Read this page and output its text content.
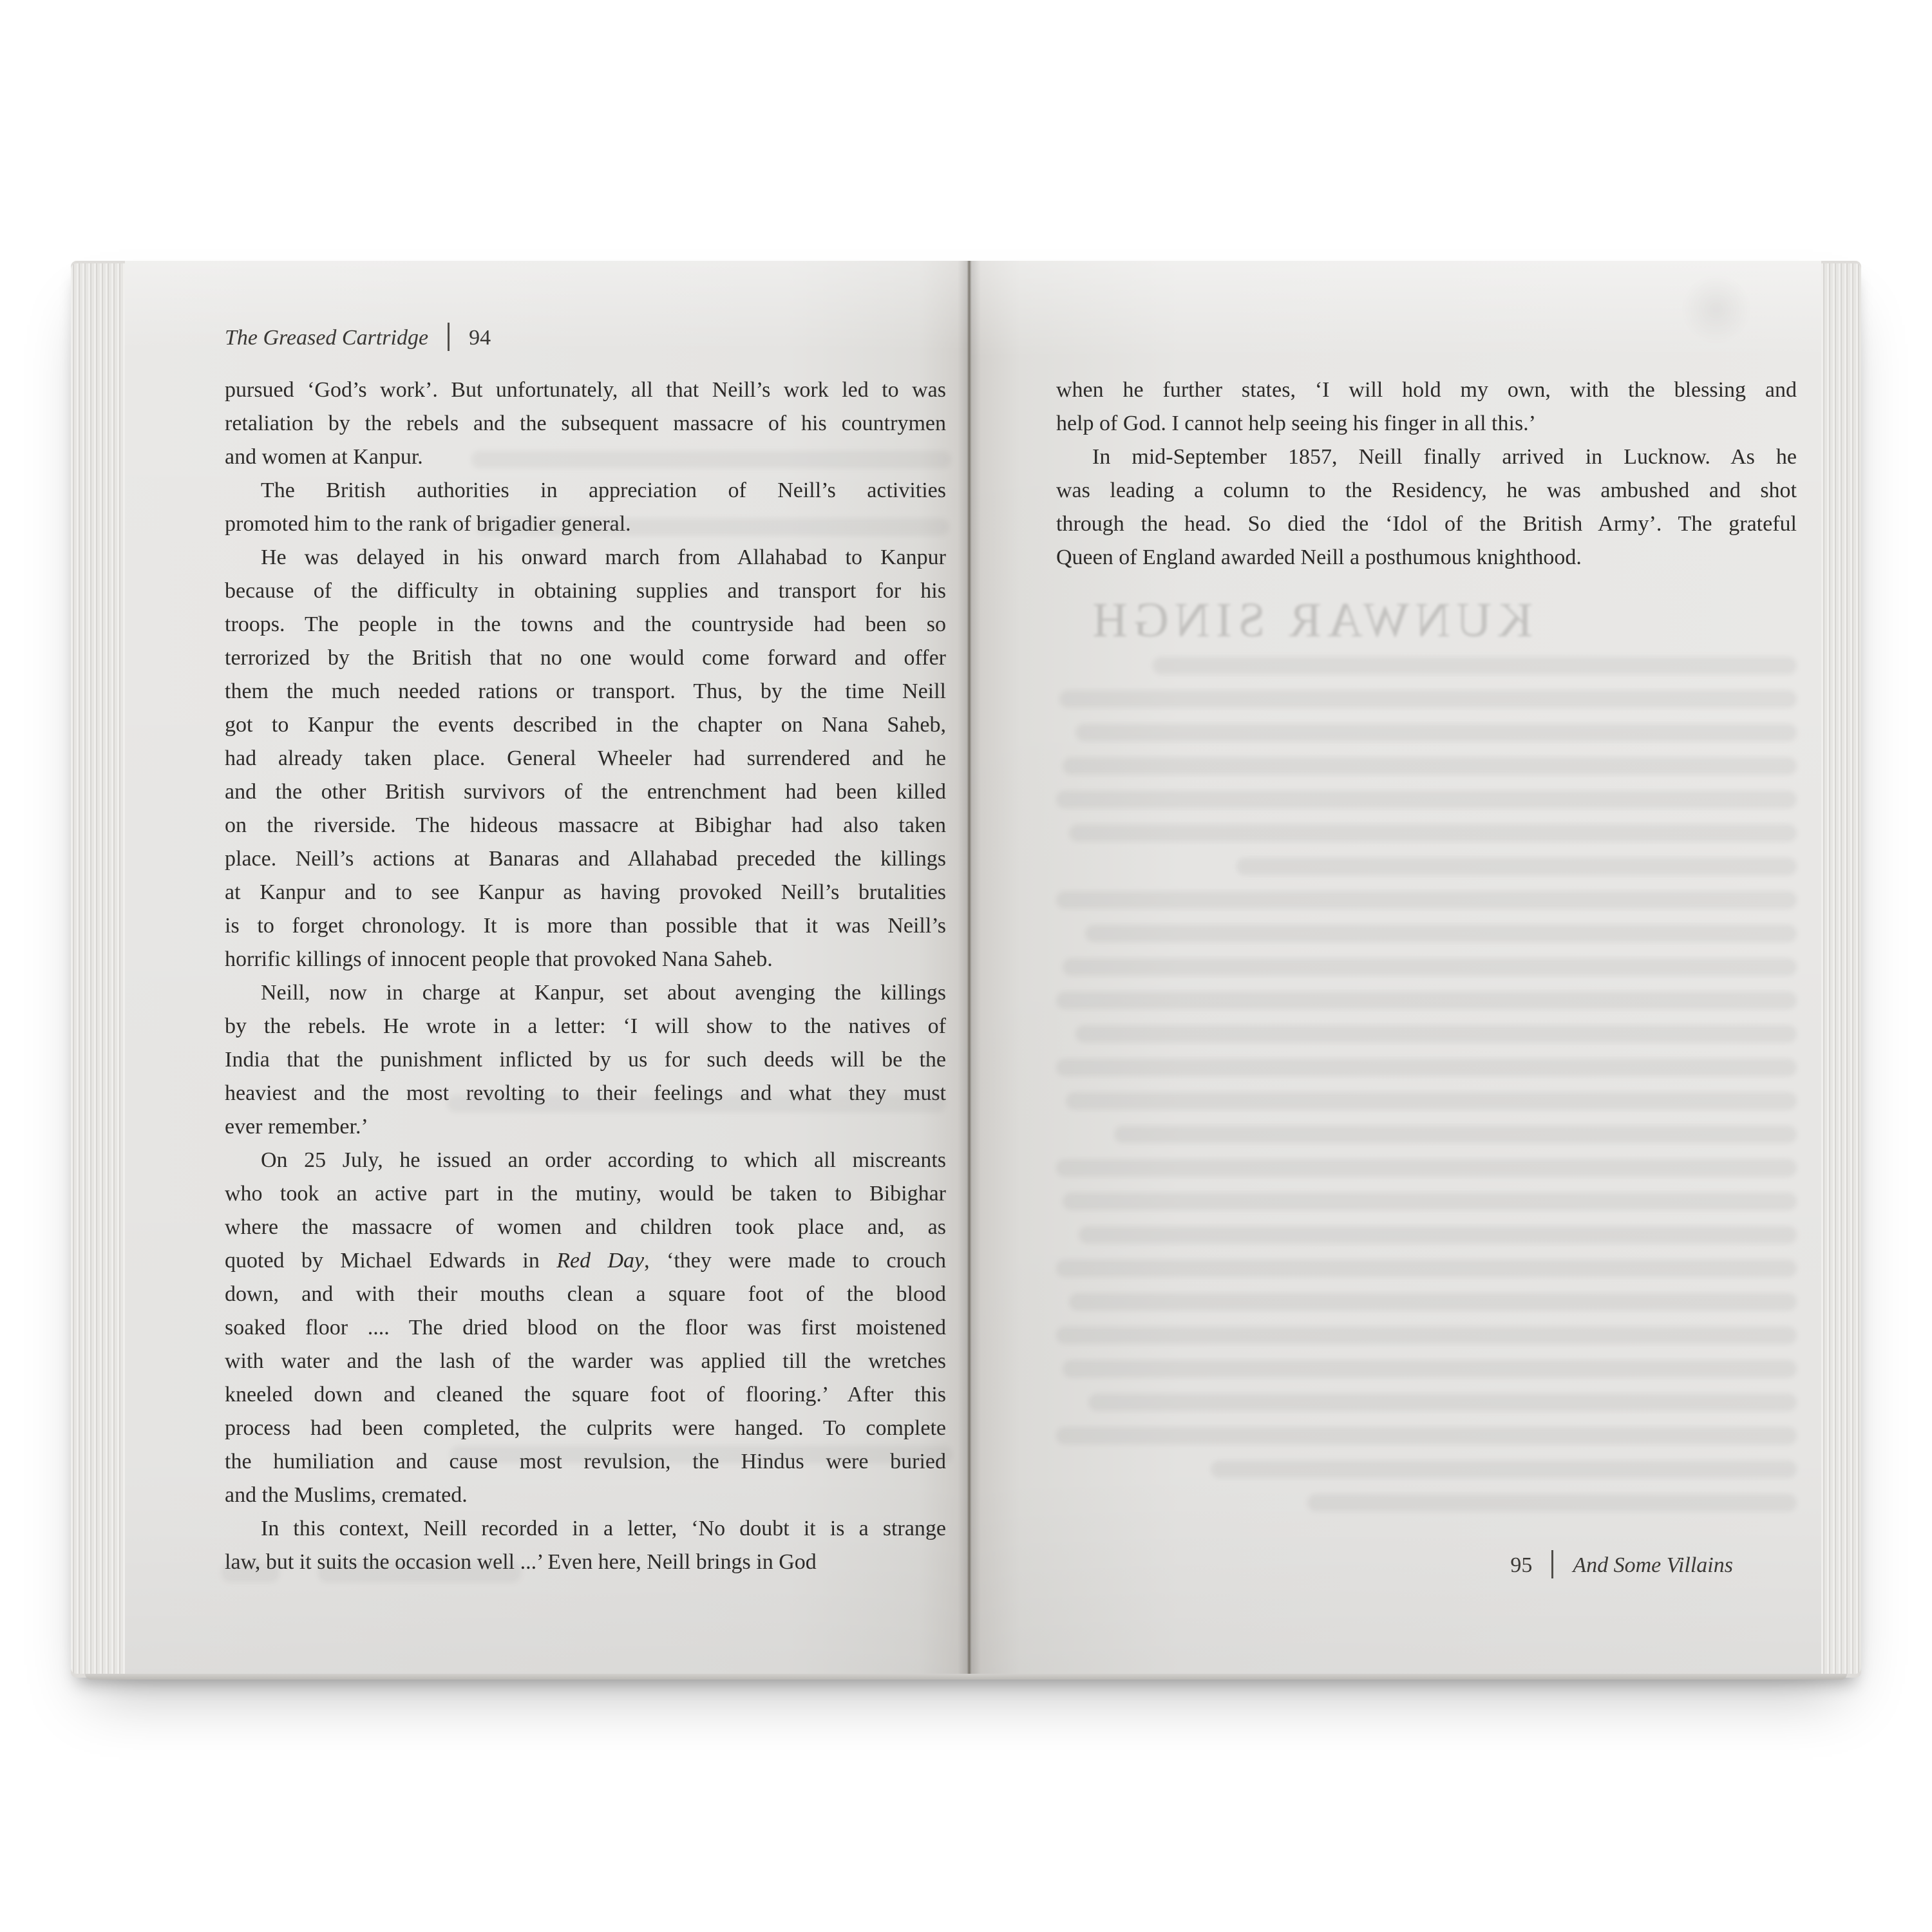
The Greased Cartridge 94
pursued ‘God’s work’. But unfortunately, all that Neill’s work led to was
retaliation by the rebels and the subsequent massacre of his countrymen
and women at Kanpur.
The British authorities in appreciation of Neill’s activities
promoted him to the rank of brigadier general.
He was delayed in his onward march from Allahabad to Kanpur
because of the difficulty in obtaining supplies and transport for his
troops. The people in the towns and the countryside had been so
terrorized by the British that no one would come forward and offer
them the much needed rations or transport. Thus, by the time Neill
got to Kanpur the events described in the chapter on Nana Saheb,
had already taken place. General Wheeler had surrendered and he
and the other British survivors of the entrenchment had been killed
on the riverside. The hideous massacre at Bibighar had also taken
place. Neill’s actions at Banaras and Allahabad preceded the killings
at Kanpur and to see Kanpur as having provoked Neill’s brutalities
is to forget chronology. It is more than possible that it was Neill’s
horrific killings of innocent people that provoked Nana Saheb.
Neill, now in charge at Kanpur, set about avenging the killings
by the rebels. He wrote in a letter: ‘I will show to the natives of
India that the punishment inflicted by us for such deeds will be the
heaviest and the most revolting to their feelings and what they must
ever remember.’
On 25 July, he issued an order according to which all miscreants
who took an active part in the mutiny, would be taken to Bibighar
where the massacre of women and children took place and, as
quoted by Michael Edwards in Red Day, ‘they were made to crouch
down, and with their mouths clean a square foot of the blood
soaked floor .... The dried blood on the floor was first moistened
with water and the lash of the warder was applied till the wretches
kneeled down and cleaned the square foot of flooring.’ After this
process had been completed, the culprits were hanged. To complete
the humiliation and cause most revulsion, the Hindus were buried
and the Muslims, cremated.
In this context, Neill recorded in a letter, ‘No doubt it is a strange
law, but it suits the occasion well ...’ Even here, Neill brings in God
when he further states, ‘I will hold my own, with the blessing and
help of God. I cannot help seeing his finger in all this.’
In mid-September 1857, Neill finally arrived in Lucknow. As he
was leading a column to the Residency, he was ambushed and shot
through the head. So died the ‘Idol of the British Army’. The grateful
Queen of England awarded Neill a posthumous knighthood.
KUNWAR SINGH
95 And Some Villains
